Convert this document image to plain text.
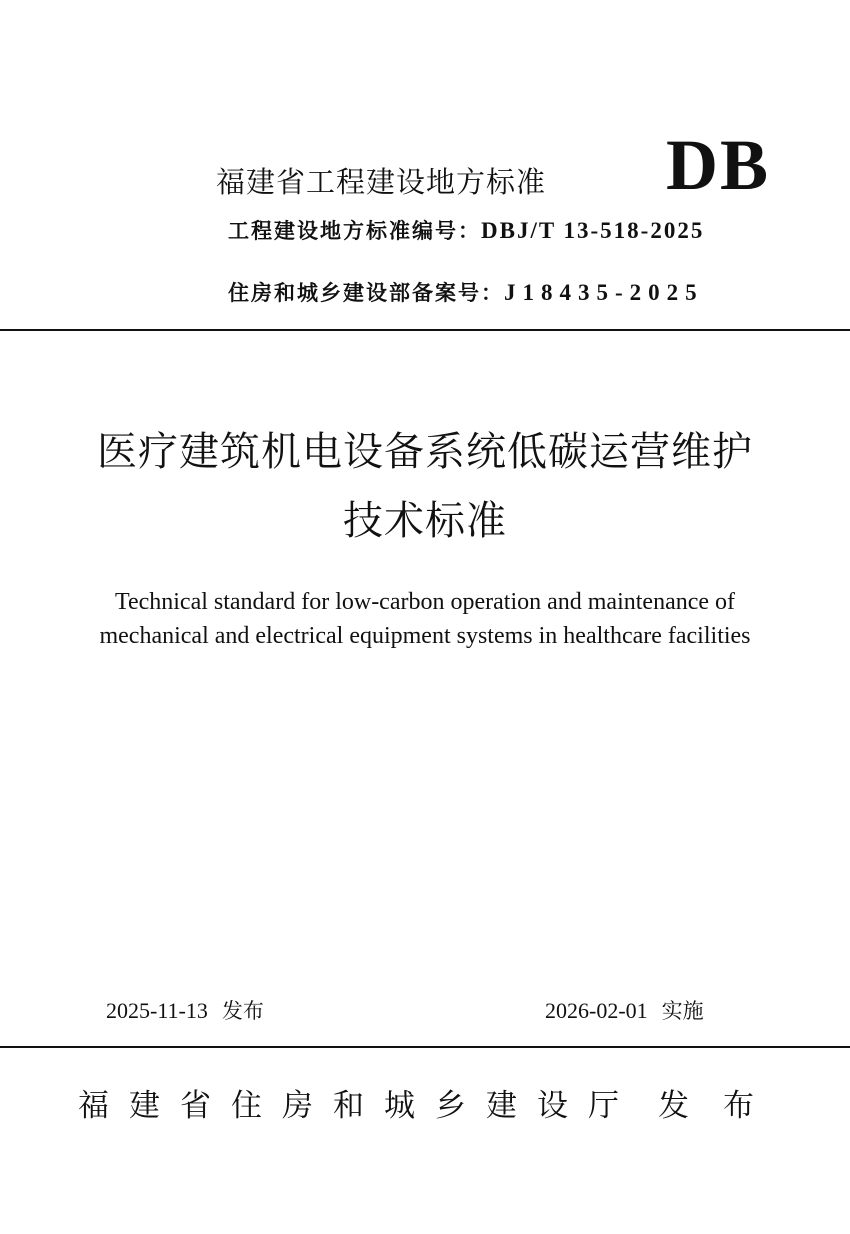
福建省工程建设地方标准 DB
工程建设地方标准编号：DBJ/T 13-518-2025
住房和城乡建设部备案号：J18435-2025
医疗建筑机电设备系统低碳运营维护
技术标准
Technical standard for low-carbon operation and maintenance of mechanical and electrical equipment systems in healthcare facilities
2025-11-13 发布	2026-02-01 实施
福建省住房和城乡建设厅 发布
